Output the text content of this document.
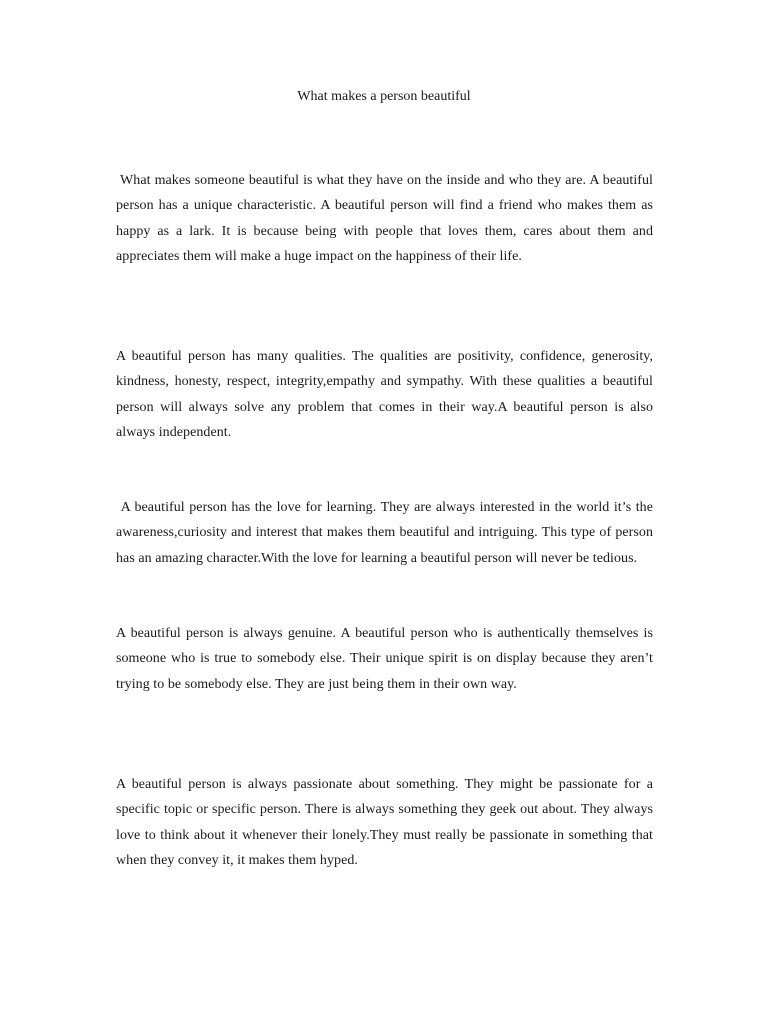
What makes a person beautiful

What makes someone beautiful is what they have on the inside and who they are. A beautiful person has a unique characteristic. A beautiful person will find a friend who makes them as happy as a lark. It is because being with people that loves them, cares about them and appreciates them will make a huge impact on the happiness of their life.

A beautiful person has many qualities. The qualities are positivity, confidence, generosity, kindness, honesty, respect, integrity,empathy and sympathy. With these qualities a beautiful person will always solve any problem that comes in their way.A beautiful person is also always independent.

A beautiful person has the love for learning. They are always interested in the world it’s the awareness,curiosity and interest that makes them beautiful and intriguing. This type of person has an amazing character.With the love for learning a beautiful person will never be tedious.

A beautiful person is always genuine. A beautiful person who is authentically themselves is someone who is true to somebody else. Their unique spirit is on display because they aren’t trying to be somebody else. They are just being them in their own way.

A beautiful person is always passionate about something. They might be passionate for a specific topic or specific person. There is always something they geek out about. They always love to think about it whenever their lonely.They must really be passionate in something that when they convey it, it makes them hyped.
